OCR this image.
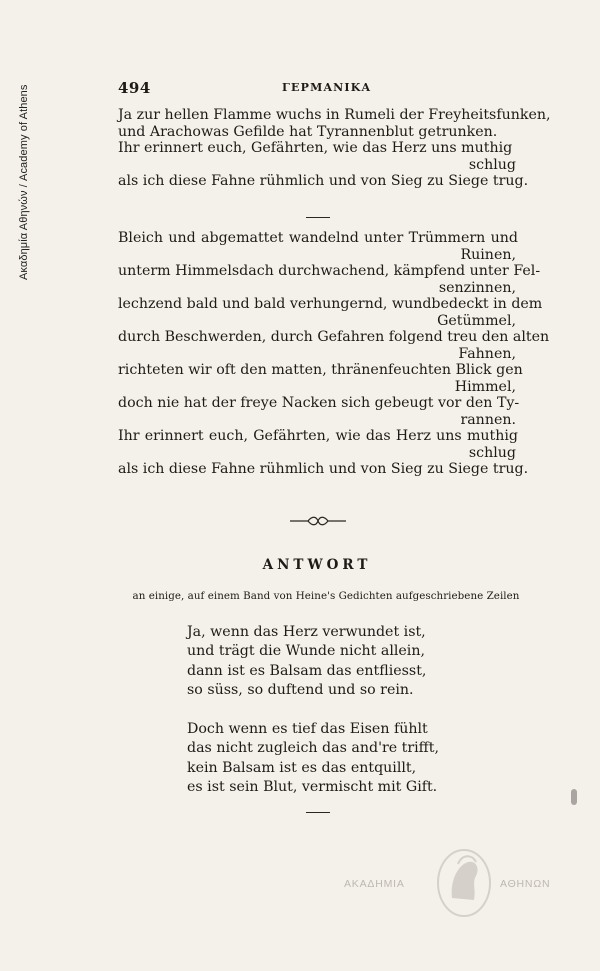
Ακαδημία Αθηνών / Academy of Athens	494	ΓΕΡΜΑΝΙΚΑ
Ja zur hellen Flamme wuchs in Rumeli der Freyheitsfunken,
und Arachowas Gefilde hat Tyrannenblut getrunken.
Ihr erinnert euch, Gefährten, wie das Herz uns muthig
schlug
als ich diese Fahne rühmlich und von Sieg zu Siege trug.
Bleich und abgemattet wandelnd unter Trümmern und
Ruinen,
unterm Himmelsdach durchwachend, kämpfend unter Fel-
senzinnen,
lechzend bald und bald verhungernd, wundbedeckt in dem
Getümmel,
durch Beschwerden, durch Gefahren folgend treu den alten
Fahnen,
richteten wir oft den matten, thränenfeuchten Blick gen
Himmel,
doch nie hat der freye Nacken sich gebeugt vor den Ty-
rannen.
Ihr erinnert euch, Gefährten, wie das Herz uns muthig
schlug
als ich diese Fahne rühmlich und von Sieg zu Siege trug.
ANTWORT
an einige, auf einem Band von Heine's Gedichten aufgeschriebene Zeilen
Ja, wenn das Herz verwundet ist,
und trägt die Wunde nicht allein,
dann ist es Balsam das entfliesst,
so süss, so duftend und so rein.
Doch wenn es tief das Eisen fühlt
das nicht zugleich das and're trifft,
kein Balsam ist es das entquillt,
es ist sein Blut, vermischt mit Gift.
ΑΚΑΔΗΜΙΑ	ΑΘΗΝΩΝ
